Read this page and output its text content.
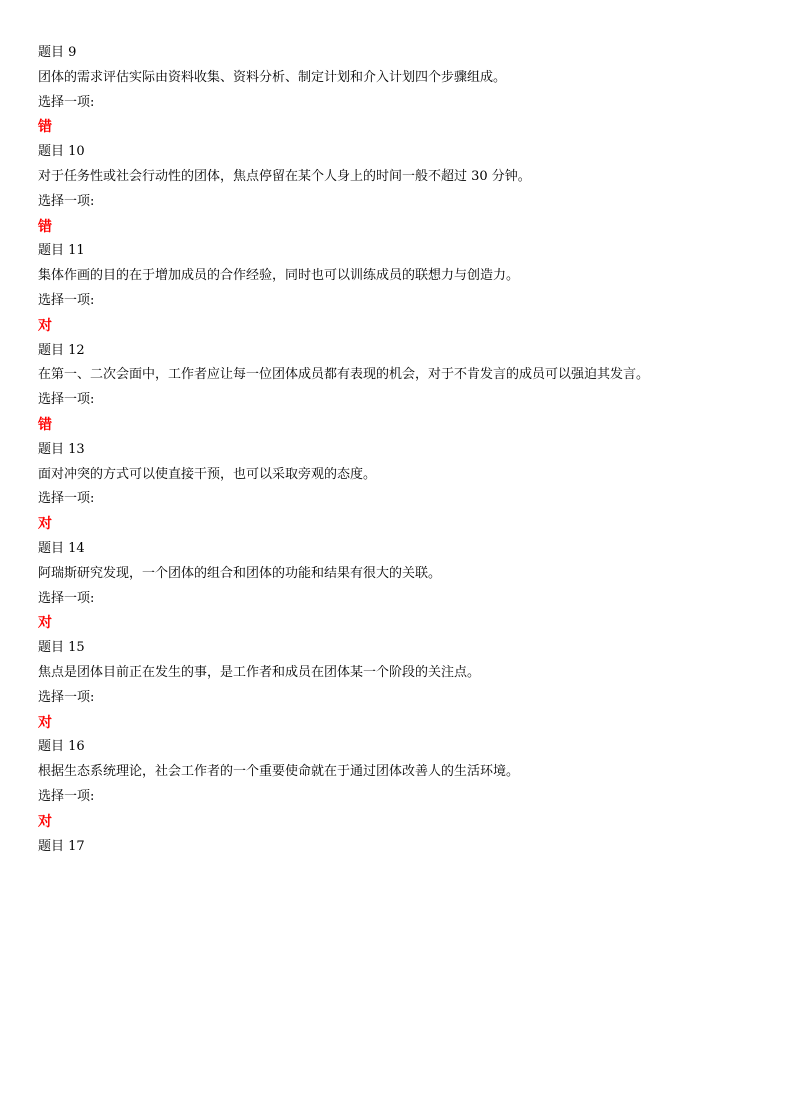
题目 9
团体的需求评估实际由资料收集、资料分析、制定计划和介入计划四个步骤组成。
选择一项:
错
题目 10
对于任务性或社会行动性的团体，焦点停留在某个人身上的时间一般不超过 30 分钟。
选择一项:
错
题目 11
集体作画的目的在于增加成员的合作经验，同时也可以训练成员的联想力与创造力。
选择一项:
对
题目 12
在第一、二次会面中，工作者应让每一位团体成员都有表现的机会，对于不肯发言的成员可以强迫其发言。
选择一项:
错
题目 13
面对冲突的方式可以使直接干预，也可以采取旁观的态度。
选择一项:
对
题目 14
阿瑞斯研究发现，一个团体的组合和团体的功能和结果有很大的关联。
选择一项:
对
题目 15
焦点是团体目前正在发生的事，是工作者和成员在团体某一个阶段的关注点。
选择一项:
对
题目 16
根据生态系统理论，社会工作者的一个重要使命就在于通过团体改善人的生活环境。
选择一项:
对
题目 17
